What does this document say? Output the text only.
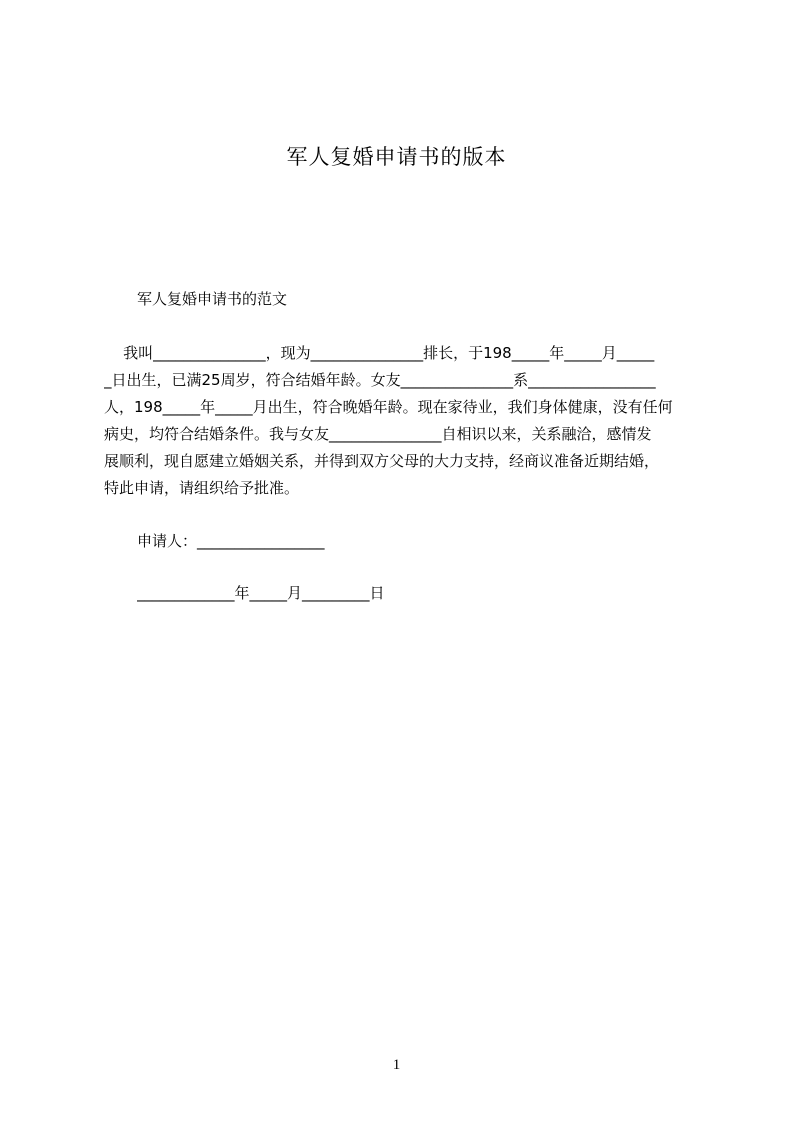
军人复婚申请书的版本
军人复婚申请书的范文
我叫_______________，现为_______________排长，于198_____年_____月_____
_日出生，已满25周岁，符合结婚年龄。女友_______________系_________________
人，198_____年_____月出生，符合晚婚年龄。现在家待业，我们身体健康，没有任何
病史，均符合结婚条件。我与女友_______________自相识以来，关系融洽，感情发
展顺利，现自愿建立婚姻关系，并得到双方父母的大力支持，经商议准备近期结婚，
特此申请，请组织给予批准。
申请人：_________________
_____________年_____月_________日
1
